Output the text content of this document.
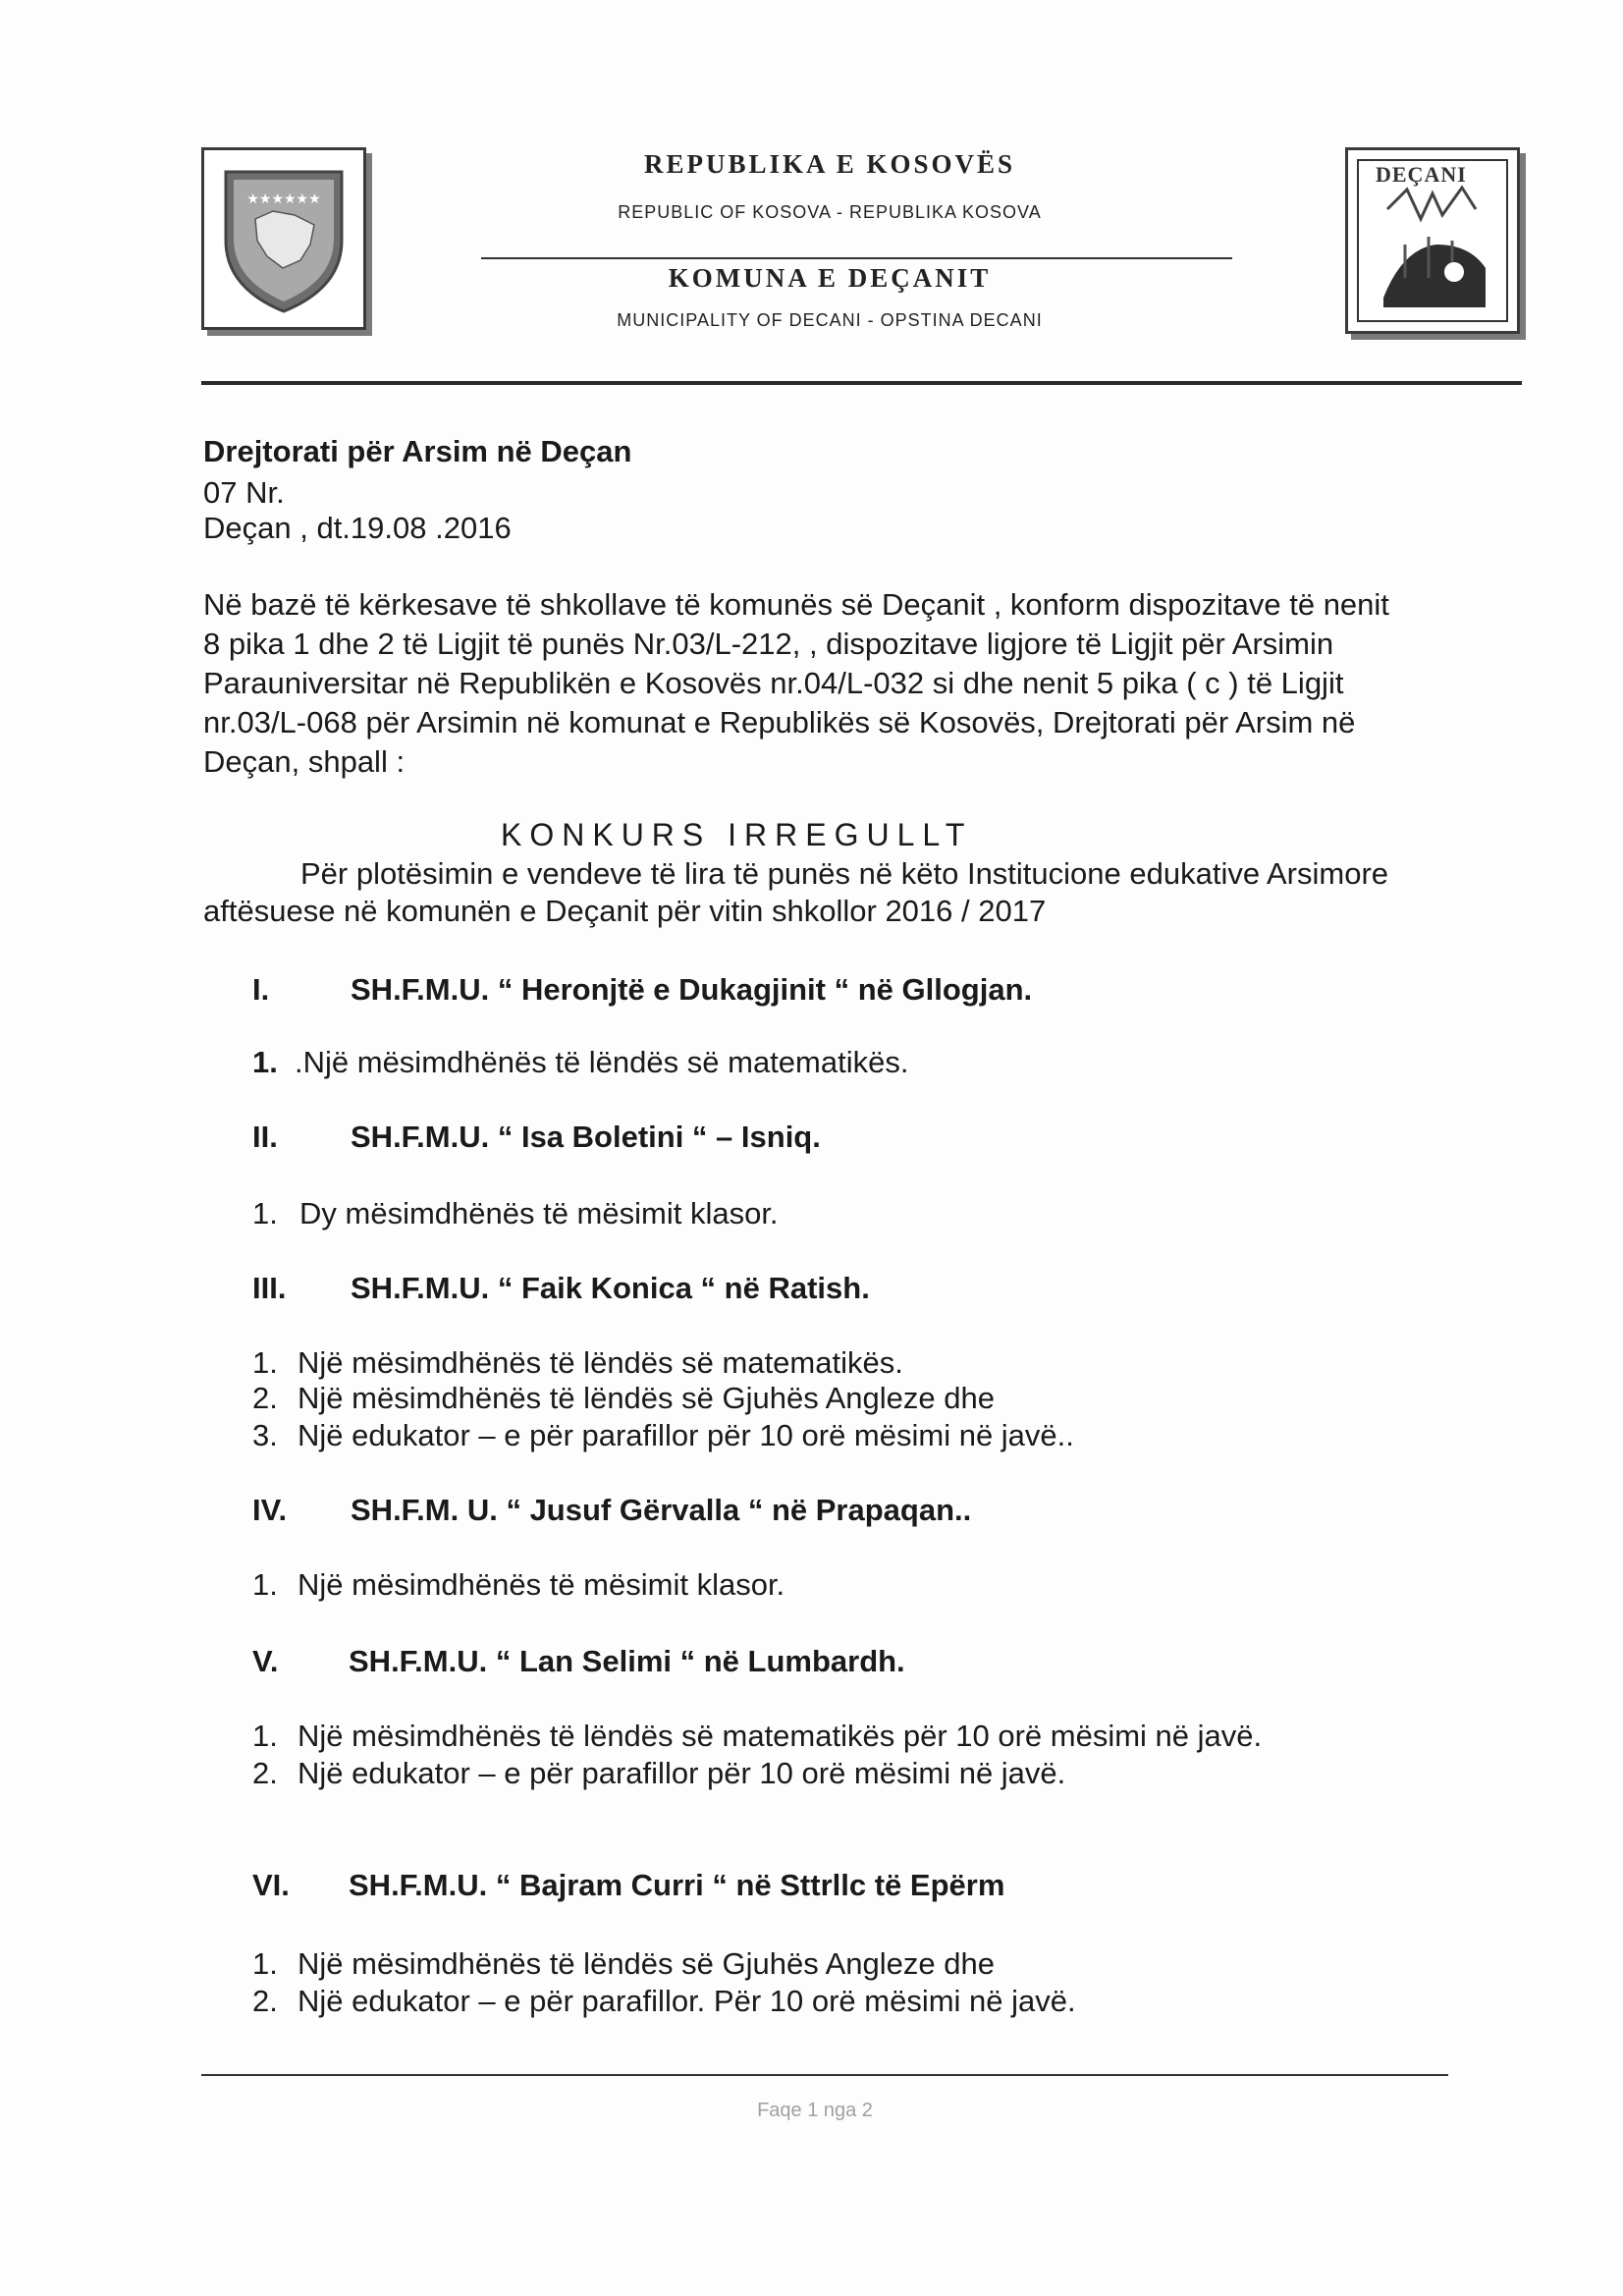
★★★★★★
REPUBLIKA E KOSOVËS
REPUBLIC OF KOSOVA - REPUBLIKA KOSOVA
KOMUNA E DEÇANIT
MUNICIPALITY OF DECANI - OPSTINA DECANI
DEÇANI
Drejtorati për Arsim në Deçan
07 Nr.
Deçan , dt.19.08 .2016
Në bazë të kërkesave të shkollave të komunës së Deçanit , konform dispozitave të nenit
8 pika 1 dhe 2 të Ligjit të punës Nr.03/L-212, , dispozitave ligjore të Ligjit për Arsimin
Parauniversitar në Republikën e Kosovës nr.04/L-032 si dhe nenit 5 pika ( c ) të Ligjit
nr.03/L-068 për Arsimin në komunat e Republikës së Kosovës, Drejtorati për Arsim në
Deçan, shpall :
KONKURS IRREGULLT
Për plotësimin e vendeve të lira të punës në këto Institucione edukative Arsimore
aftësuese në komunën e Deçanit për vitin shkollor 2016 / 2017
I.	SH.F.M.U. “ Heronjtë e Dukagjinit “ në Gllogjan.
1. .Një mësimdhënës të lëndës së matematikës.
II. SH.F.M.U. “ Isa Boletini “ – Isniq.
1. Dy mësimdhënës të mësimit klasor.
III. SH.F.M.U. “ Faik Konica “ në Ratish.
1. Një mësimdhënës të lëndës së matematikës.
2. Një mësimdhënës të lëndës së Gjuhës Angleze dhe
3. Një edukator – e për parafillor për 10 orë mësimi në javë..
IV. SH.F.M. U. “ Jusuf Gërvalla “ në Prapaqan..
1. Një mësimdhënës të mësimit klasor.
V. SH.F.M.U. “ Lan Selimi “ në Lumbardh.
1. Një mësimdhënës të lëndës së matematikës për 10 orë mësimi në javë.
2. Një edukator – e për parafillor për 10 orë mësimi në javë.
VI. SH.F.M.U. “ Bajram Curri “ në Sttrllc të Epërm
1. Një mësimdhënës të lëndës së Gjuhës Angleze dhe
2. Një edukator – e për parafillor. Për 10 orë mësimi në javë.
Faqe 1 nga 2
